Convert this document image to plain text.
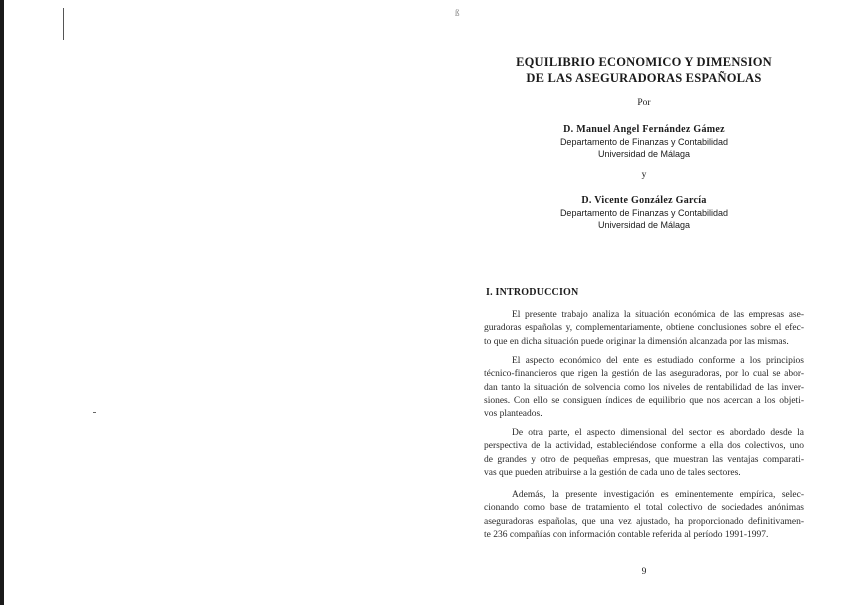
ß
EQUILIBRIO ECONOMICO Y DIMENSION
DE LAS ASEGURADORAS ESPAÑOLAS
Por
D. Manuel Angel Fernández Gámez
Departamento de Finanzas y Contabilidad
Universidad de Málaga
y
D. Vicente González García
Departamento de Finanzas y Contabilidad
Universidad de Málaga
I. INTRODUCCION
El presente trabajo analiza la situación económica de las empresas ase-
guradoras españolas y, complementariamente, obtiene conclusiones sobre el efec-
to que en dicha situación puede originar la dimensión alcanzada por las mismas.
El aspecto económico del ente es estudiado conforme a los principios
técnico-financieros que rigen la gestión de las aseguradoras, por lo cual se abor-
dan tanto la situación de solvencia como los niveles de rentabilidad de las inver-
siones. Con ello se consiguen índices de equilibrio que nos acercan a los objeti-
vos planteados.
De otra parte, el aspecto dimensional del sector es abordado desde la
perspectiva de la actividad, estableciéndose conforme a ella dos colectivos, uno
de grandes y otro de pequeñas empresas, que muestran las ventajas comparati-
vas que pueden atribuirse a la gestión de cada uno de tales sectores.
Además, la presente investigación es eminentemente empírica, selec-
cionando como base de tratamiento el total colectivo de sociedades anónimas
aseguradoras españolas, que una vez ajustado, ha proporcionado definitivamen-
te 236 compañías con información contable referida al período 1991-1997.
9
